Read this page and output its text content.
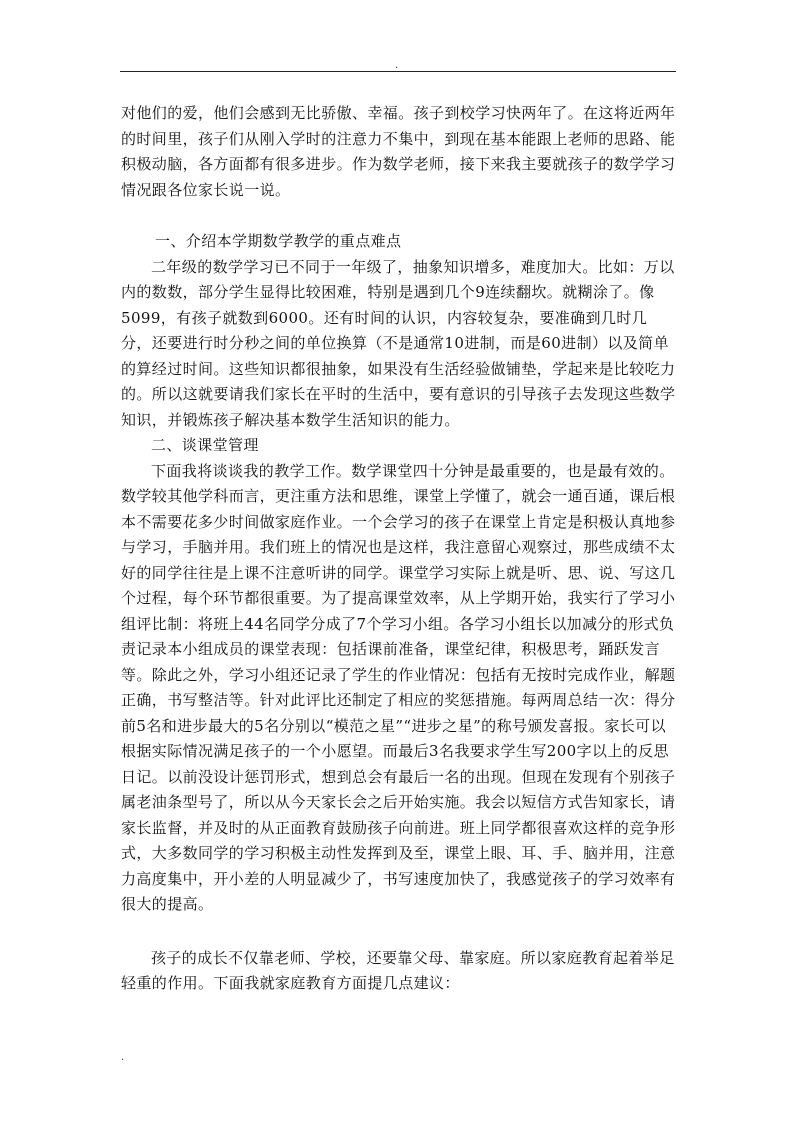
.

对他们的爱，他们会感到无比骄傲、幸福。孩子到校学习快两年了。在这将近两年的时间里，孩子们从刚入学时的注意力不集中，到现在基本能跟上老师的思路、能积极动脑，各方面都有很多进步。作为数学老师，接下来我主要就孩子的数学学习情况跟各位家长说一说。

一、介绍本学期数学教学的重点难点

二年级的数学学习已不同于一年级了，抽象知识增多，难度加大。比如：万以内的数数，部分学生显得比较困难，特别是遇到几个9连续翻坎。就糊涂了。像5099，有孩子就数到6000。还有时间的认识，内容较复杂，要准确到几时几分，还要进行时分秒之间的单位换算（不是通常10进制，而是60进制）以及简单的算经过时间。这些知识都很抽象，如果没有生活经验做铺垫，学起来是比较吃力的。所以这就要请我们家长在平时的生活中，要有意识的引导孩子去发现这些数学知识，并锻炼孩子解决基本数学生活知识的能力。

二、谈课堂管理

下面我将谈谈我的教学工作。数学课堂四十分钟是最重要的，也是最有效的。数学较其他学科而言，更注重方法和思维，课堂上学懂了，就会一通百通，课后根本不需要花多少时间做家庭作业。一个会学习的孩子在课堂上肯定是积极认真地参与学习，手脑并用。我们班上的情况也是这样，我注意留心观察过，那些成绩不太好的同学往往是上课不注意听讲的同学。课堂学习实际上就是听、思、说、写这几个过程，每个环节都很重要。为了提高课堂效率，从上学期开始，我实行了学习小组评比制：将班上44名同学分成了7个学习小组。各学习小组长以加减分的形式负责记录本小组成员的课堂表现：包括课前准备，课堂纪律，积极思考，踊跃发言等。除此之外，学习小组还记录了学生的作业情况：包括有无按时完成作业，解题正确，书写整洁等。针对此评比还制定了相应的奖惩措施。每两周总结一次：得分前5名和进步最大的5名分别以“模范之星”“进步之星”的称号颁发喜报。家长可以根据实际情况满足孩子的一个小愿望。而最后3名我要求学生写200字以上的反思日记。以前没设计惩罚形式，想到总会有最后一名的出现。但现在发现有个别孩子属老油条型号了，所以从今天家长会之后开始实施。我会以短信方式告知家长，请家长监督，并及时的从正面教育鼓励孩子向前进。班上同学都很喜欢这样的竞争形式，大多数同学的学习积极主动性发挥到及至，课堂上眼、耳、手、脑并用，注意力高度集中，开小差的人明显减少了，书写速度加快了，我感觉孩子的学习效率有很大的提高。

孩子的成长不仅靠老师、学校，还要靠父母、靠家庭。所以家庭教育起着举足轻重的作用。下面我就家庭教育方面提几点建议：

.
